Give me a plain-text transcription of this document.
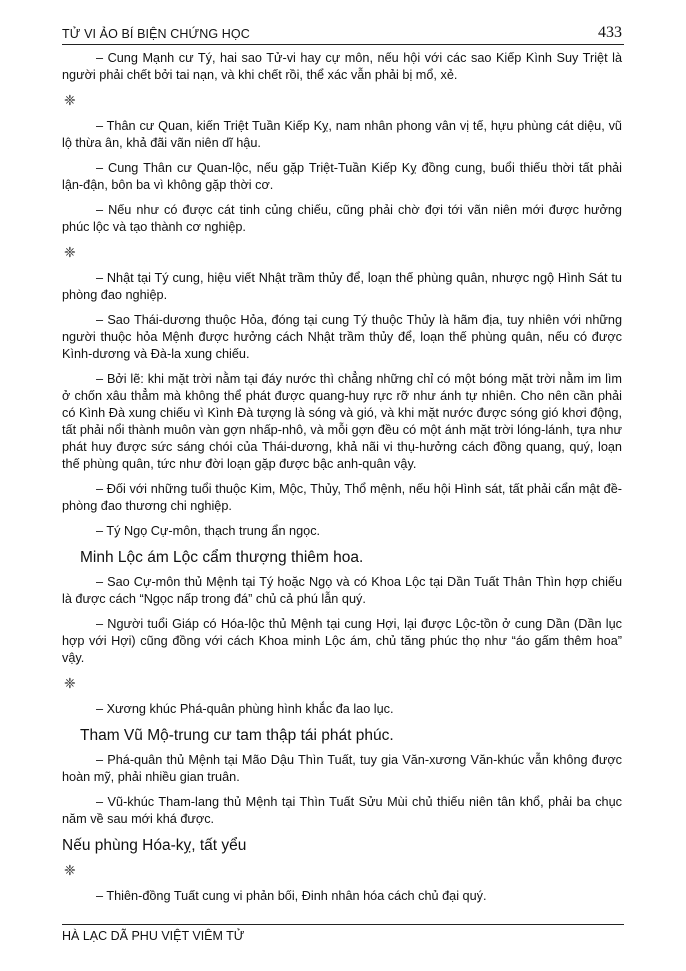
TỬ VI ẢO BÍ BIỆN CHỨNG HỌC	433

– Cung Mạnh cư Tý, hai sao Tử-vi hay cự môn, nếu hội với các sao Kiếp Kình Suy Triệt là người phải chết bởi tai nạn, và khi chết rồi, thể xác vẫn phải bị mổ, xẻ.

❈

– Thân cư Quan, kiến Triệt Tuần Kiếp Kỵ, nam nhân phong vân vị tế, hựu phùng cát diệu, vũ lộ thừa ân, khả đãi vãn niên dĩ hậu.

– Cung Thân cư Quan-lộc, nếu gặp Triệt-Tuần Kiếp Kỵ đồng cung, buổi thiếu thời tất phải lận-đận, bôn ba vì không gặp thời cơ.

– Nếu như có được cát tinh củng chiếu, cũng phải chờ đợi tới vãn niên mới được hưởng phúc lộc và tạo thành cơ nghiệp.

❈

– Nhật tại Tý cung, hiệu viết Nhật trầm thủy để, loạn thế phùng quân, nhược ngộ Hình Sát tu phòng đao nghiệp.

– Sao Thái-dương thuộc Hỏa, đóng tại cung Tý thuộc Thủy là hãm địa, tuy nhiên với những người thuộc hỏa Mệnh được hưởng cách Nhật trầm thủy để, loạn thế phùng quân, nếu có được Kình-dương và Đà-la xung chiếu.

– Bởi lẽ: khi mặt trời nằm tại đáy nước thì chẳng những chỉ có một bóng mặt trời nằm im lìm ở chốn xâu thẳm mà không thể phát được quang-huy rực rỡ như ánh tự nhiên. Cho nên cần phải có Kình Đà xung chiếu vì Kình Đà tượng là sóng và gió, và khi mặt nước được sóng gió khơi động, tất phải nổi thành muôn vàn gợn nhấp-nhô, và mỗi gợn đều có một ánh mặt trời lóng-lánh, tựa như phát huy được sức sáng chói của Thái-dương, khả nãi vi thụ-hưởng cách đồng quang, quý, loạn thế phùng quân, tức như đời loạn gặp được bậc anh-quân vậy.

– Đối với những tuổi thuộc Kim, Mộc, Thủy, Thổ mệnh, nếu hội Hình sát, tất phải cẩn mật đề-phòng đao thương chi nghiệp.

– Tý Ngọ Cự-môn, thạch trung ẩn ngọc.

Minh Lộc ám Lộc cẩm thượng thiêm hoa.

– Sao Cự-môn thủ Mệnh tại Tý hoặc Ngọ và có Khoa Lộc tại Dần Tuất Thân Thìn hợp chiếu là được cách “Ngọc nấp trong đá” chủ cả phú lẫn quý.

– Người tuổi Giáp có Hóa-lộc thủ Mệnh tại cung Hợi, lại được Lộc-tồn ở cung Dần (Dần lục hợp với Hợi) cũng đồng với cách Khoa minh Lộc ám, chủ tăng phúc thọ như “áo gấm thêm hoa” vậy.

❈

– Xương khúc Phá-quân phùng hình khắc đa lao lục.

Tham Vũ Mộ-trung cư tam thập tái phát phúc.

– Phá-quân thủ Mệnh tại Mão Dậu Thìn Tuất, tuy gia Văn-xương Văn-khúc vẫn không được hoàn mỹ, phải nhiều gian truân.

– Vũ-khúc Tham-lang thủ Mệnh tại Thìn Tuất Sửu Mùi chủ thiếu niên tân khổ, phải ba chục năm về sau mới khá được.

Nếu phùng Hóa-kỵ, tất yểu
❈

– Thiên-đồng Tuất cung vi phản bối, Đinh nhân hóa cách chủ đại quý.

HÀ LẠC DÃ PHU VIỆT VIÊM TỬ
